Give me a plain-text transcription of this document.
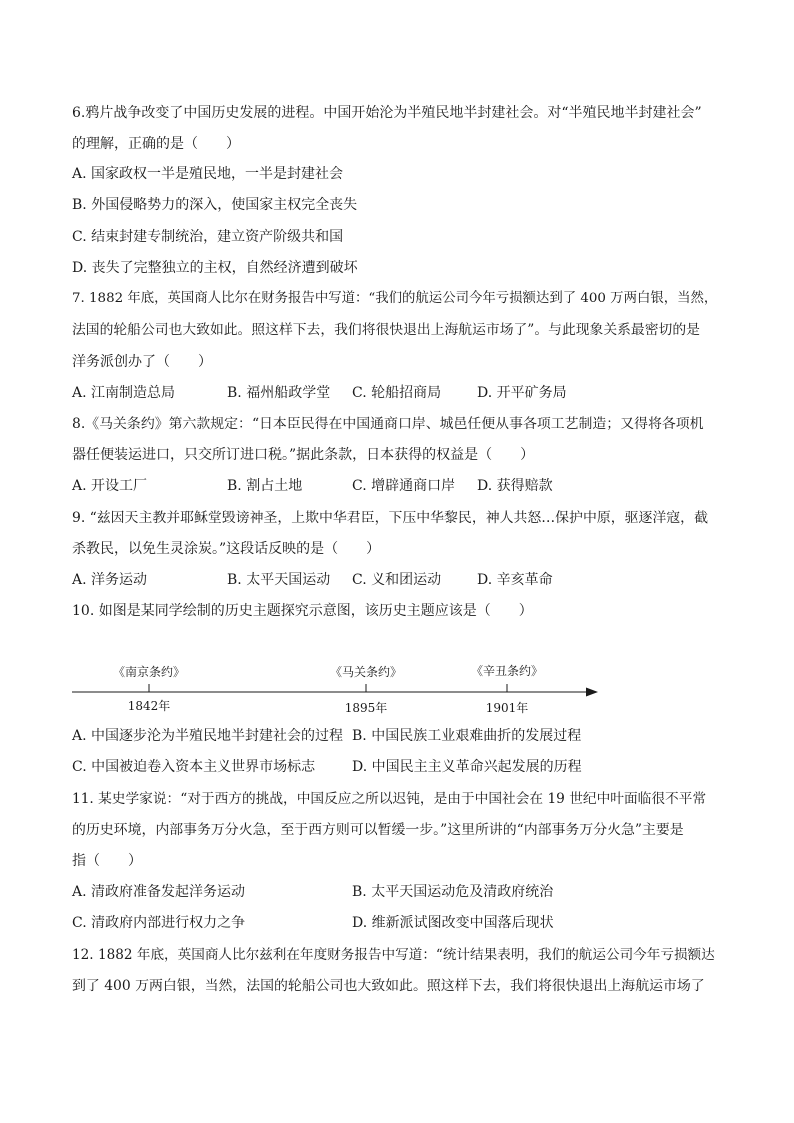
6.鸦片战争改变了中国历史发展的进程。中国开始沦为半殖民地半封建社会。对“半殖民地半封建社会”
的理解，正确的是（　　）
A. 国家政权一半是殖民地，一半是封建社会
B. 外国侵略势力的深入，使国家主权完全丧失
C. 结束封建专制统治，建立资产阶级共和国
D. 丧失了完整独立的主权，自然经济遭到破坏
7. 1882 年底，英国商人比尔在财务报告中写道：“我们的航运公司今年亏损额达到了 400 万两白银，当然，
法国的轮船公司也大致如此。照这样下去，我们将很快退出上海航运市场了”。与此现象关系最密切的是
洋务派创办了（　　）
A. 江南制造总局	B. 福州船政学堂 C. 轮船招商局	D. 开平矿务局
8.《马关条约》第六款规定：“日本臣民得在中国通商口岸、城邑任便从事各项工艺制造；又得将各项机
器任便装运进口，只交所订进口税。”据此条款，日本获得的权益是（　　）
A. 开设工厂	B. 割占土地	C. 增辟通商口岸 D. 获得赔款
9. “兹因天主教并耶稣堂毁谤神圣，上欺中华君臣，下压中华黎民，神人共怒…保护中原，驱逐洋寇，截
杀教民，以免生灵涂炭。”这段话反映的是（　　）
A. 洋务运动	B. 太平天国运动 C. 义和团运动	D. 辛亥革命
10. 如图是某同学绘制的历史主题探究示意图，该历史主题应该是（　　）
《南京条约》
1842年
《马关条约》
1895年
《辛丑条约》
1901年
A. 中国逐步沦为半殖民地半封建社会的过程 B. 中国民族工业艰难曲折的发展过程
C. 中国被迫卷入资本主义世界市场标志	D. 中国民主主义革命兴起发展的历程
11. 某史学家说：“对于西方的挑战，中国反应之所以迟钝，是由于中国社会在 19 世纪中叶面临很不平常
的历史环境，内部事务万分火急，至于西方则可以暂缓一步。”这里所讲的“内部事务万分火急”主要是
指（　　）
A. 清政府准备发起洋务运动	B. 太平天国运动危及清政府统治
C. 清政府内部进行权力之争	D. 维新派试图改变中国落后现状
12. 1882 年底，英国商人比尔兹利在年度财务报告中写道：“统计结果表明，我们的航运公司今年亏损额达
到了 400 万两白银，当然，法国的轮船公司也大致如此。照这样下去，我们将很快退出上海航运市场了
